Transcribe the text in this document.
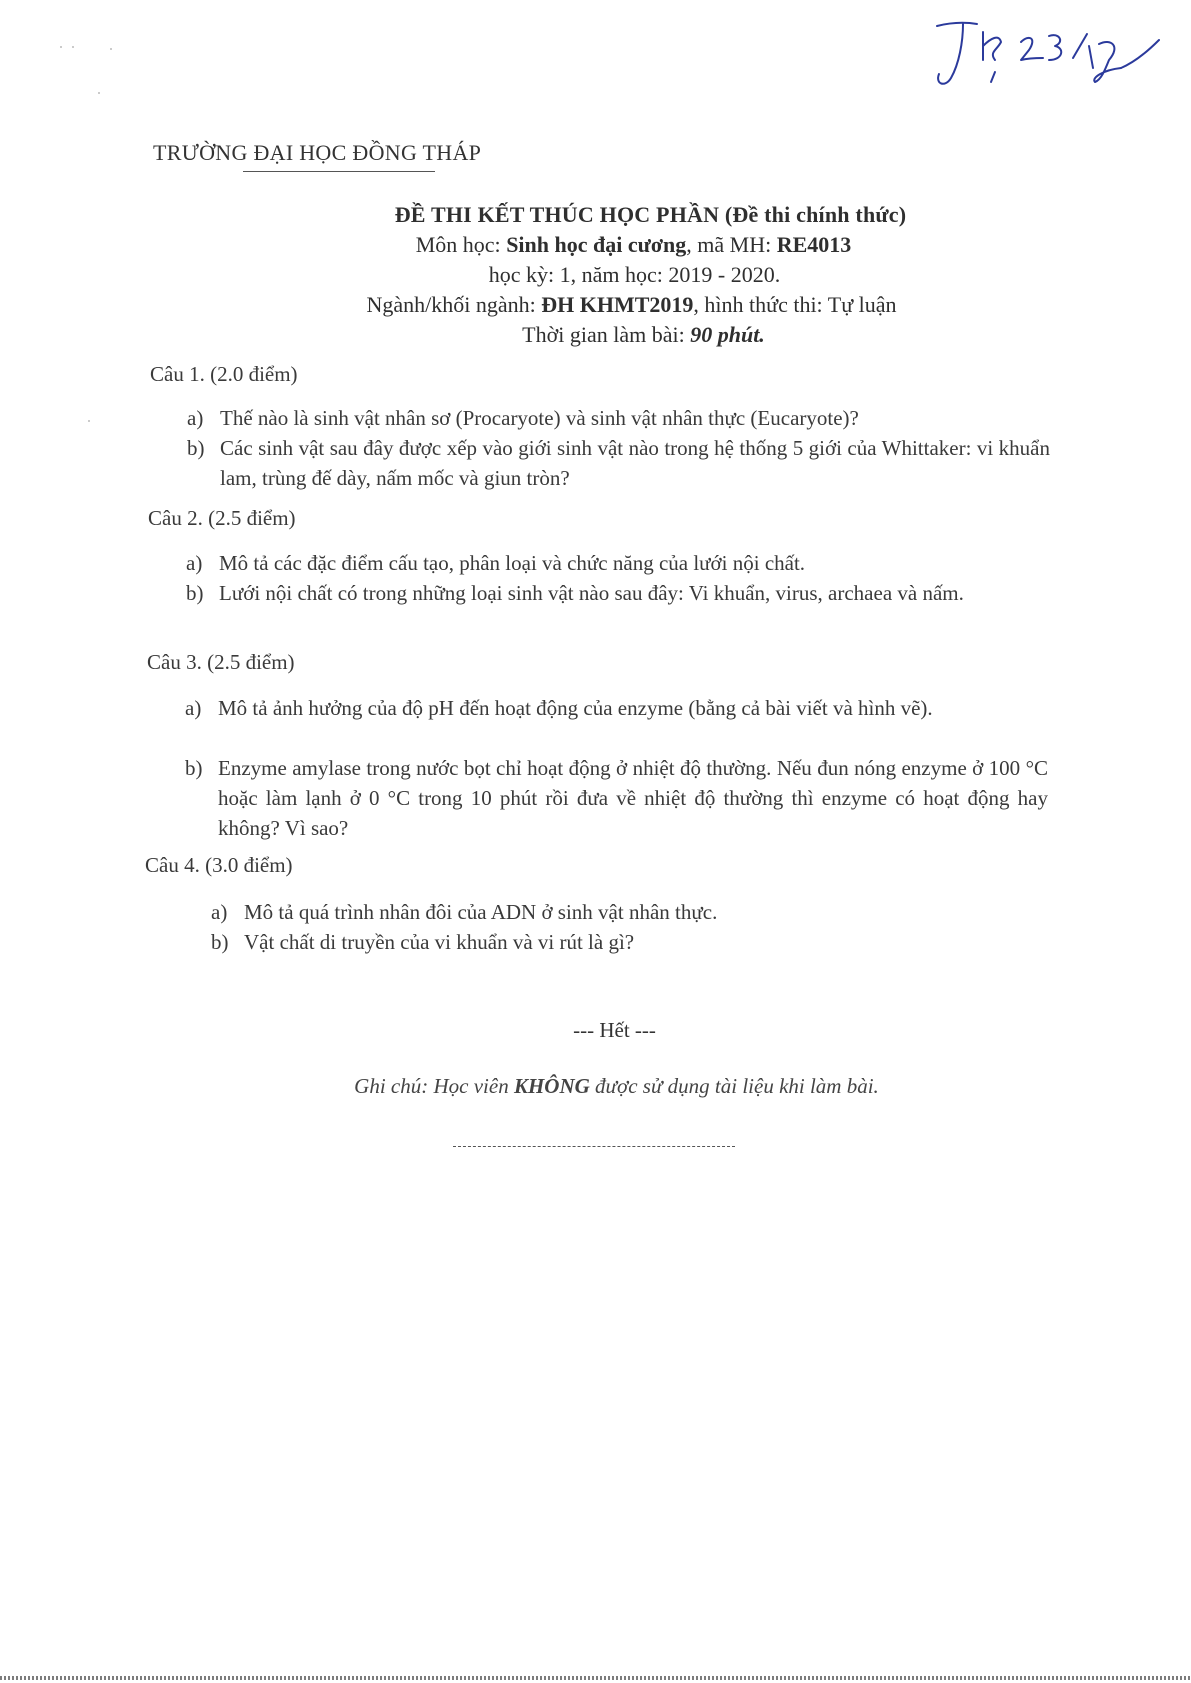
TRƯỜNG ĐẠI HỌC ĐỒNG THÁP
ĐỀ THI KẾT THÚC HỌC PHẦN (Đề thi chính thức)
Môn học: Sinh học đại cương, mã MH: RE4013
học kỳ: 1, năm học: 2019 - 2020.
Ngành/khối ngành: ĐH KHMT2019, hình thức thi: Tự luận
Thời gian làm bài: 90 phút.
Câu 1. (2.0 điểm)
a) Thế nào là sinh vật nhân sơ (Procaryote) và sinh vật nhân thực (Eucaryote)?
b) Các sinh vật sau đây được xếp vào giới sinh vật nào trong hệ thống 5 giới của Whittaker: vi khuẩn lam, trùng đế dày, nấm mốc và giun tròn?
Câu 2. (2.5 điểm)
a) Mô tả các đặc điểm cấu tạo, phân loại và chức năng của lưới nội chất.
b) Lưới nội chất có trong những loại sinh vật nào sau đây: Vi khuẩn, virus, archaea và nấm.
Câu 3. (2.5 điểm)
a) Mô tả ảnh hưởng của độ pH đến hoạt động của enzyme (bằng cả bài viết và hình vẽ).
b) Enzyme amylase trong nước bọt chỉ hoạt động ở nhiệt độ thường. Nếu đun nóng enzyme ở 100 °C hoặc làm lạnh ở 0 °C trong 10 phút rồi đưa về nhiệt độ thường thì enzyme có hoạt động hay không? Vì sao?
Câu 4. (3.0 điểm)
a) Mô tả quá trình nhân đôi của ADN ở sinh vật nhân thực.
b) Vật chất di truyền của vi khuẩn và vi rút là gì?
--- Hết ---
Ghi chú: Học viên KHÔNG được sử dụng tài liệu khi làm bài.
